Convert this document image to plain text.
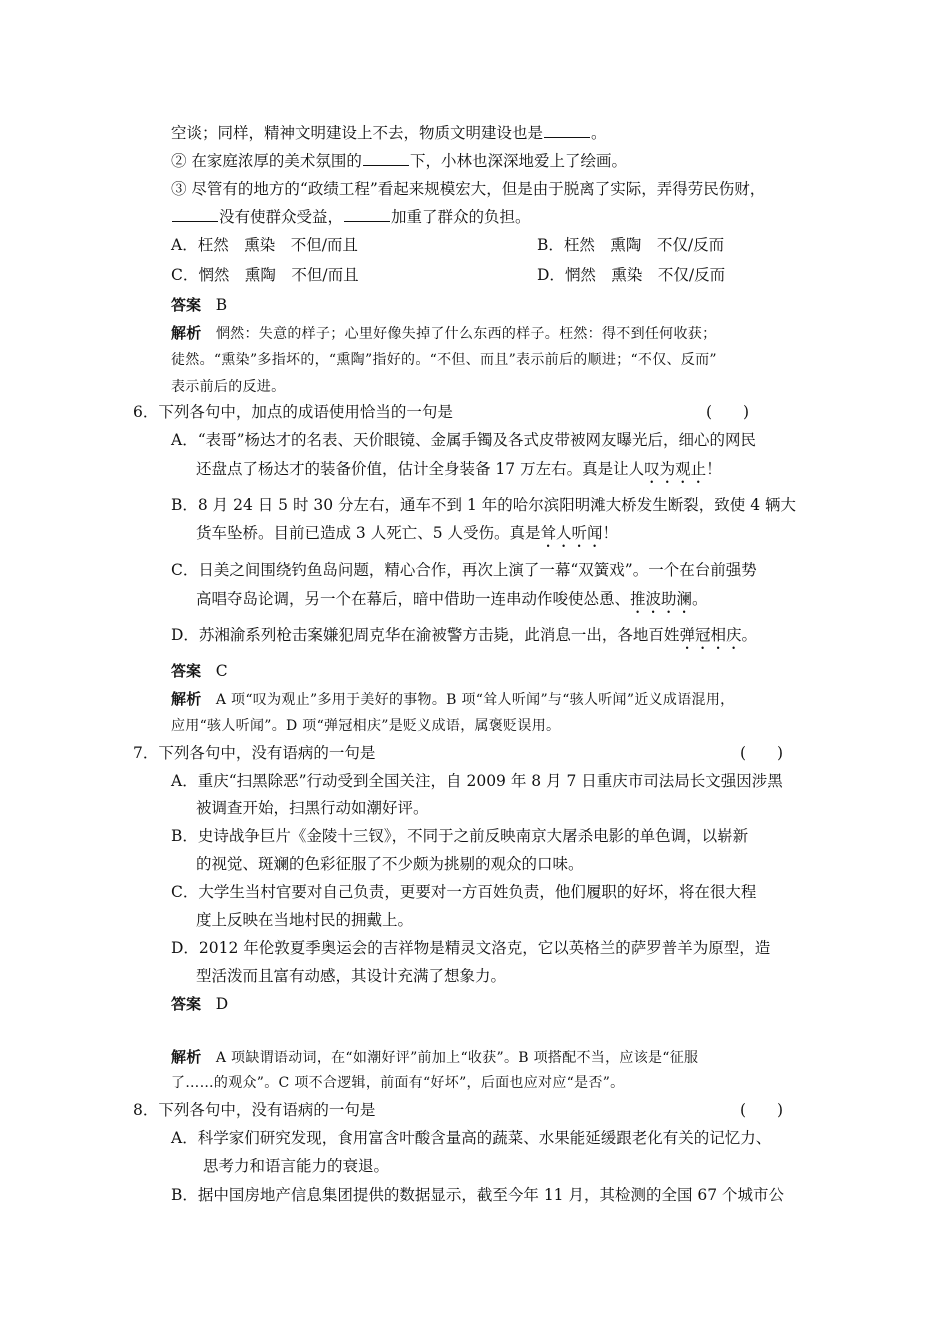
空谈；同样，精神文明建设上不去，物质文明建设也是	。
② 在家庭浓厚的美术氛围的	下，小林也深深地爱上了绘画。
③ 尽管有的地方的“政绩工程”看起来规模宏大，但是由于脱离了实际，弄得劳民伤财，
没有使群众受益，	加重了群众的负担。
A．枉然　熏染　不但/而且	B．枉然　熏陶　不仅/反而
C．惘然　熏陶　不但/而且	D．惘然　熏染　不仅/反而
答案 B
解析 惘然：失意的样子；心里好像失掉了什么东西的样子。枉然：得不到任何收获；
徒然。“熏染”多指坏的，“熏陶”指好的。“不但、而且”表示前后的顺进；“不仅、反而”
表示前后的反进。
6．下列各句中，加点的成语使用恰当的一句是	(　　)
A．“表哥”杨达才的名表、天价眼镜、金属手镯及各式皮带被网友曝光后，细心的网民
还盘点了杨达才的装备价值，估计全身装备 17 万左右。真是让人叹为观止！
B．8 月 24 日 5 时 30 分左右，通车不到 1 年的哈尔滨阳明滩大桥发生断裂，致使 4 辆大
货车坠桥。目前已造成 3 人死亡、5 人受伤。真是耸人听闻！
C．日美之间围绕钓鱼岛问题，精心合作，再次上演了一幕“双簧戏”。一个在台前强势
高唱夺岛论调，另一个在幕后，暗中借助一连串动作唆使怂恿、推波助澜。
D．苏湘渝系列枪击案嫌犯周克华在渝被警方击毙，此消息一出，各地百姓弹冠相庆。
答案 C
解析 A 项“叹为观止”多用于美好的事物。B 项“耸人听闻”与“骇人听闻”近义成语混用，
应用“骇人听闻”。D 项“弹冠相庆”是贬义成语，属褒贬误用。
7．下列各句中，没有语病的一句是	(　　)
A．重庆“扫黑除恶”行动受到全国关注，自 2009 年 8 月 7 日重庆市司法局长文强因涉黑
被调查开始，扫黑行动如潮好评。
B．史诗战争巨片《金陵十三钗》，不同于之前反映南京大屠杀电影的单色调，以崭新
的视觉、斑斓的色彩征服了不少颇为挑剔的观众的口味。
C．大学生当村官要对自己负责，更要对一方百姓负责，他们履职的好坏，将在很大程
度上反映在当地村民的拥戴上。
D．2012 年伦敦夏季奥运会的吉祥物是精灵文洛克，它以英格兰的萨罗普羊为原型，造
型活泼而且富有动感，其设计充满了想象力。
答案 D
解析 A 项缺谓语动词，在“如潮好评”前加上“收获”。B 项搭配不当，应该是“征服
了……的观众”。C 项不合逻辑，前面有“好坏”，后面也应对应“是否”。
8．下列各句中，没有语病的一句是	(　　)
A．科学家们研究发现，食用富含叶酸含量高的蔬菜、水果能延缓跟老化有关的记忆力、
思考力和语言能力的衰退。
B．据中国房地产信息集团提供的数据显示，截至今年 11 月，其检测的全国 67 个城市公
